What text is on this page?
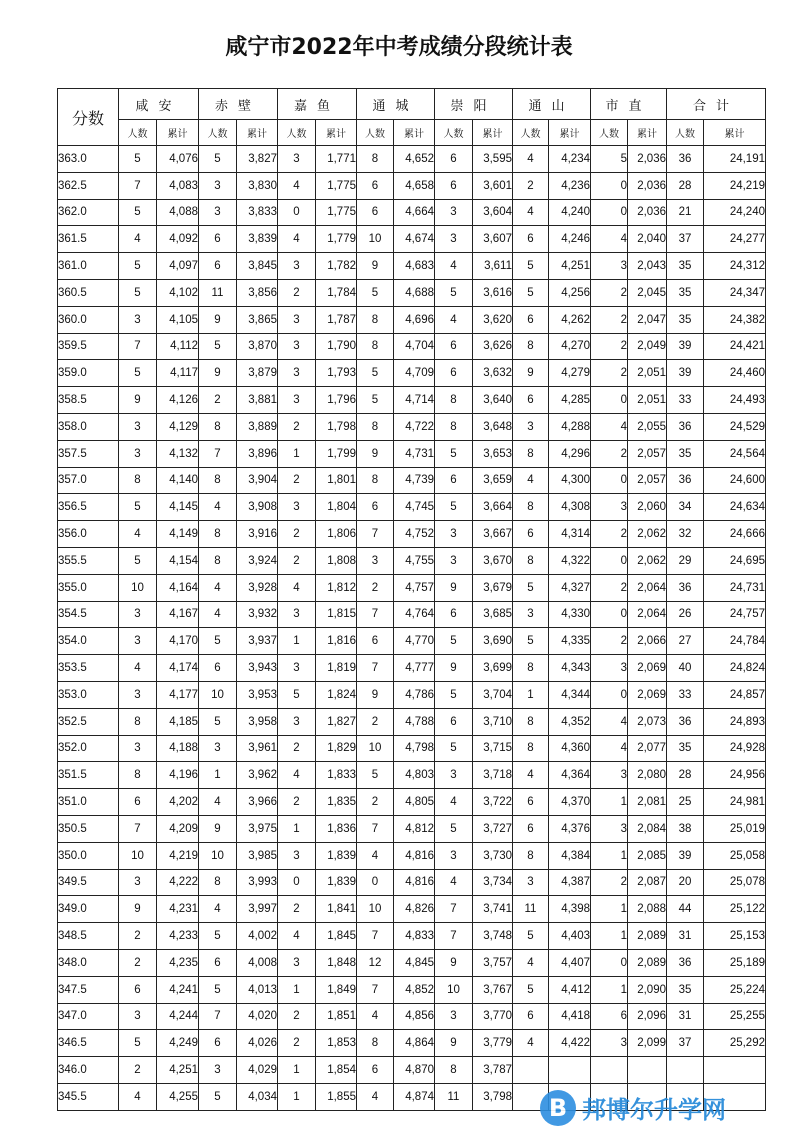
咸宁市2022年中考成绩分段统计表
分数	咸安		赤壁		嘉鱼		通城		崇阳		通山		市直		合计	
	人数	累计	人数	累计	人数	累计	人数	累计	人数	累计	人数	累计	人数	累计	人数	累计
363.0	5	4,076	5	3,827	3	1,771	8	4,652	6	3,595	4	4,234	5	2,036	36	24,191
362.5	7	4,083	3	3,830	4	1,775	6	4,658	6	3,601	2	4,236	0	2,036	28	24,219
362.0	5	4,088	3	3,833	0	1,775	6	4,664	3	3,604	4	4,240	0	2,036	21	24,240
361.5	4	4,092	6	3,839	4	1,779	10	4,674	3	3,607	6	4,246	4	2,040	37	24,277
361.0	5	4,097	6	3,845	3	1,782	9	4,683	4	3,611	5	4,251	3	2,043	35	24,312
360.5	5	4,102	11	3,856	2	1,784	5	4,688	5	3,616	5	4,256	2	2,045	35	24,347
360.0	3	4,105	9	3,865	3	1,787	8	4,696	4	3,620	6	4,262	2	2,047	35	24,382
359.5	7	4,112	5	3,870	3	1,790	8	4,704	6	3,626	8	4,270	2	2,049	39	24,421
359.0	5	4,117	9	3,879	3	1,793	5	4,709	6	3,632	9	4,279	2	2,051	39	24,460
358.5	9	4,126	2	3,881	3	1,796	5	4,714	8	3,640	6	4,285	0	2,051	33	24,493
358.0	3	4,129	8	3,889	2	1,798	8	4,722	8	3,648	3	4,288	4	2,055	36	24,529
357.5	3	4,132	7	3,896	1	1,799	9	4,731	5	3,653	8	4,296	2	2,057	35	24,564
357.0	8	4,140	8	3,904	2	1,801	8	4,739	6	3,659	4	4,300	0	2,057	36	24,600
356.5	5	4,145	4	3,908	3	1,804	6	4,745	5	3,664	8	4,308	3	2,060	34	24,634
356.0	4	4,149	8	3,916	2	1,806	7	4,752	3	3,667	6	4,314	2	2,062	32	24,666
355.5	5	4,154	8	3,924	2	1,808	3	4,755	3	3,670	8	4,322	0	2,062	29	24,695
355.0	10	4,164	4	3,928	4	1,812	2	4,757	9	3,679	5	4,327	2	2,064	36	24,731
354.5	3	4,167	4	3,932	3	1,815	7	4,764	6	3,685	3	4,330	0	2,064	26	24,757
354.0	3	4,170	5	3,937	1	1,816	6	4,770	5	3,690	5	4,335	2	2,066	27	24,784
353.5	4	4,174	6	3,943	3	1,819	7	4,777	9	3,699	8	4,343	3	2,069	40	24,824
353.0	3	4,177	10	3,953	5	1,824	9	4,786	5	3,704	1	4,344	0	2,069	33	24,857
352.5	8	4,185	5	3,958	3	1,827	2	4,788	6	3,710	8	4,352	4	2,073	36	24,893
352.0	3	4,188	3	3,961	2	1,829	10	4,798	5	3,715	8	4,360	4	2,077	35	24,928
351.5	8	4,196	1	3,962	4	1,833	5	4,803	3	3,718	4	4,364	3	2,080	28	24,956
351.0	6	4,202	4	3,966	2	1,835	2	4,805	4	3,722	6	4,370	1	2,081	25	24,981
350.5	7	4,209	9	3,975	1	1,836	7	4,812	5	3,727	6	4,376	3	2,084	38	25,019
350.0	10	4,219	10	3,985	3	1,839	4	4,816	3	3,730	8	4,384	1	2,085	39	25,058
349.5	3	4,222	8	3,993	0	1,839	0	4,816	4	3,734	3	4,387	2	2,087	20	25,078
349.0	9	4,231	4	3,997	2	1,841	10	4,826	7	3,741	11	4,398	1	2,088	44	25,122
348.5	2	4,233	5	4,002	4	1,845	7	4,833	7	3,748	5	4,403	1	2,089	31	25,153
348.0	2	4,235	6	4,008	3	1,848	12	4,845	9	3,757	4	4,407	0	2,089	36	25,189
347.5	6	4,241	5	4,013	1	1,849	7	4,852	10	3,767	5	4,412	1	2,090	35	25,224
347.0	3	4,244	7	4,020	2	1,851	4	4,856	3	3,770	6	4,418	6	2,096	31	25,255
346.5	5	4,249	6	4,026	2	1,853	8	4,864	9	3,779	4	4,422	3	2,099	37	25,292
346.0	2	4,251	3	4,029	1	1,854	6	4,870	8	3,787						
345.5	4	4,255	5	4,034	1	1,855	4	4,874	11	3,798							B 邦博尔升学网
